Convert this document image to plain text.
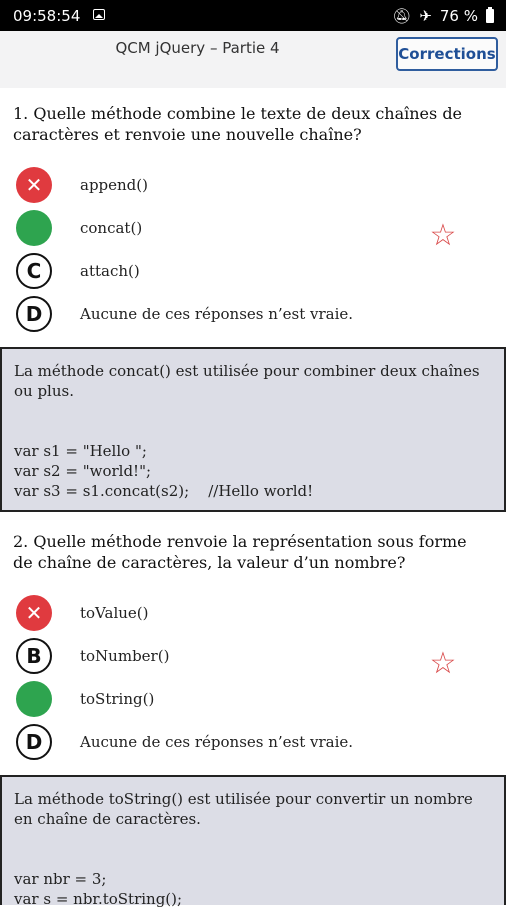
09:58:54	🔕︎ ✈ 76 %
QCM jQuery – Partie 4	Corrections
1. Quelle méthode combine le texte de deux chaînes de caractères et renvoie une nouvelle chaîne?
✕	append()
concat()
C	attach()
D	Aucune de ces réponses n’est vraie.
☆
La méthode concat() est utilisée pour combiner deux chaînes ou plus.
var s1 = "Hello ";
var s2 = "world!";
var s3 = s1.concat(s2);    //Hello world!
2. Quelle méthode renvoie la représentation sous forme de chaîne de caractères, la valeur d’un nombre?
✕	toValue()
B	toNumber()
toString()
D	Aucune de ces réponses n’est vraie.
☆
La méthode toString() est utilisée pour convertir un nombre en chaîne de caractères.
var nbr = 3;
var s = nbr.toString();
